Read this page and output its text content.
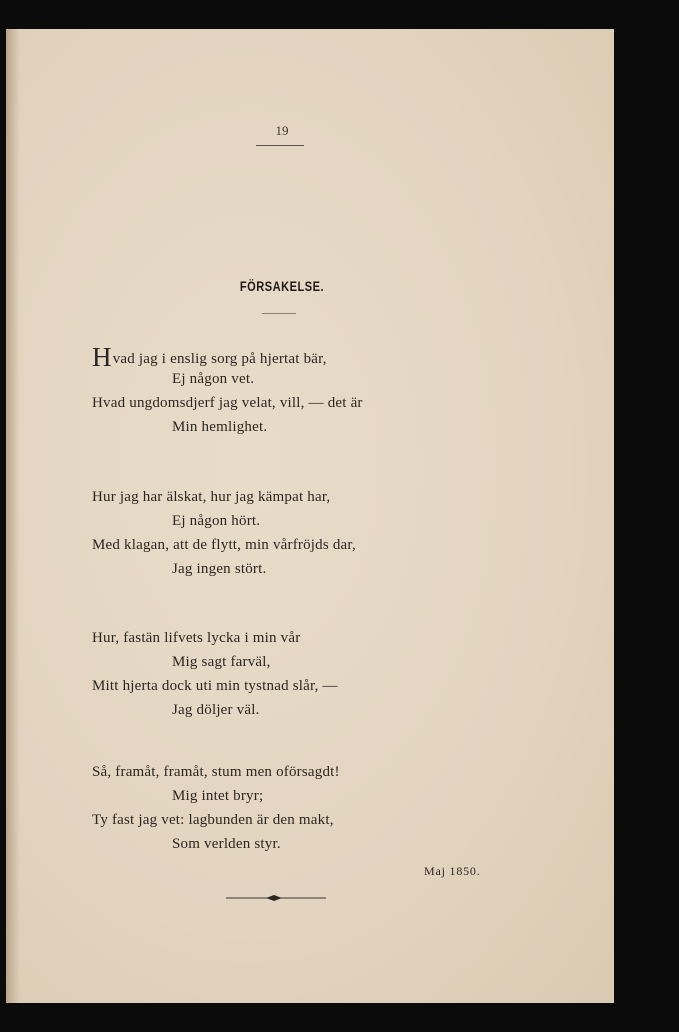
19
FÖRSAKELSE.
Hvad jag i enslig sorg på hjertat bär,
Ej någon vet.
Hvad ungdomsdjerf jag velat, vill, — det är
Min hemlighet.
Hur jag har älskat, hur jag kämpat har,
Ej någon hört.
Med klagan, att de flytt, min vårfröjds dar,
Jag ingen stört.
Hur, fastän lifvets lycka i min vår
Mig sagt farväl,
Mitt hjerta dock uti min tystnad slår, —
Jag döljer väl.
Så, framåt, framåt, stum men oförsagdt!
Mig intet bryr;
Ty fast jag vet: lagbunden är den makt,
Som verlden styr.
Maj 1850.
